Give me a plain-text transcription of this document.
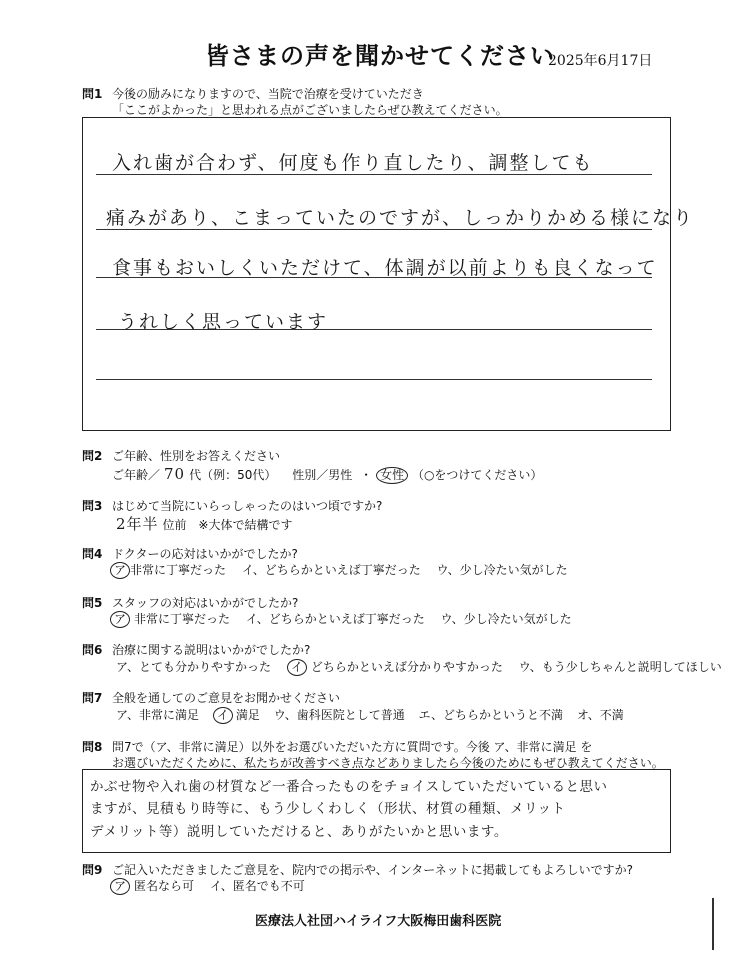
皆さまの声を聞かせてください
2025年6月17日
問1 今後の励みになりますので、当院で治療を受けていただき
「ここがよかった」と思われる点がございましたらぜひ教えてください。
入れ歯が合わず、何度も作り直したり、調整しても
痛みがあり、こまっていたのですが、しっかりかめる様になり
食事もおいしくいただけて、体調が以前よりも良くなって
うれしく思っています
問2 ご年齢、性別をお答えください
ご年齢／ 70 代（例：50代） 性別／男性 ・ 女性 （○をつけてください）
問3 はじめて当院にいらっしゃったのはいつ頃ですか?
2年半 位前 ※大体で結構です
問4 ドクターの応対はいかがでしたか?
ア 非常に丁寧だった イ、どちらかといえば丁寧だった ウ、少し冷たい気がした
問5 スタッフの対応はいかがでしたか?
ア 非常に丁寧だった イ、どちらかといえば丁寧だった ウ、少し冷たい気がした
問6 治療に関する説明はいかがでしたか?
ア、とても分かりやすかった イ どちらかといえば分かりやすかった ウ、もう少しちゃんと説明してほしい
問7 全般を通してのご意見をお聞かせください
ア、非常に満足 イ 満足 ウ、歯科医院として普通 エ、どちらかというと不満 オ、不満
問8 問7で（ア、非常に満足）以外をお選びいただいた方に質問です。今後 ア、非常に満足 を
お選びいただくために、私たちが改善すべき点などありましたら今後のためにもぜひ教えてください。
かぶせ物や入れ歯の材質など一番合ったものをチョイスしていただいていると思い
ますが、見積もり時等に、もう少しくわしく（形状、材質の種類、メリット
デメリット等）説明していただけると、ありがたいかと思います。
問9 ご記入いただきましたご意見を、院内での掲示や、インターネットに掲載してもよろしいですか?
ア 匿名なら可 イ、匿名でも不可
医療法人社団ハイライフ大阪梅田歯科医院
